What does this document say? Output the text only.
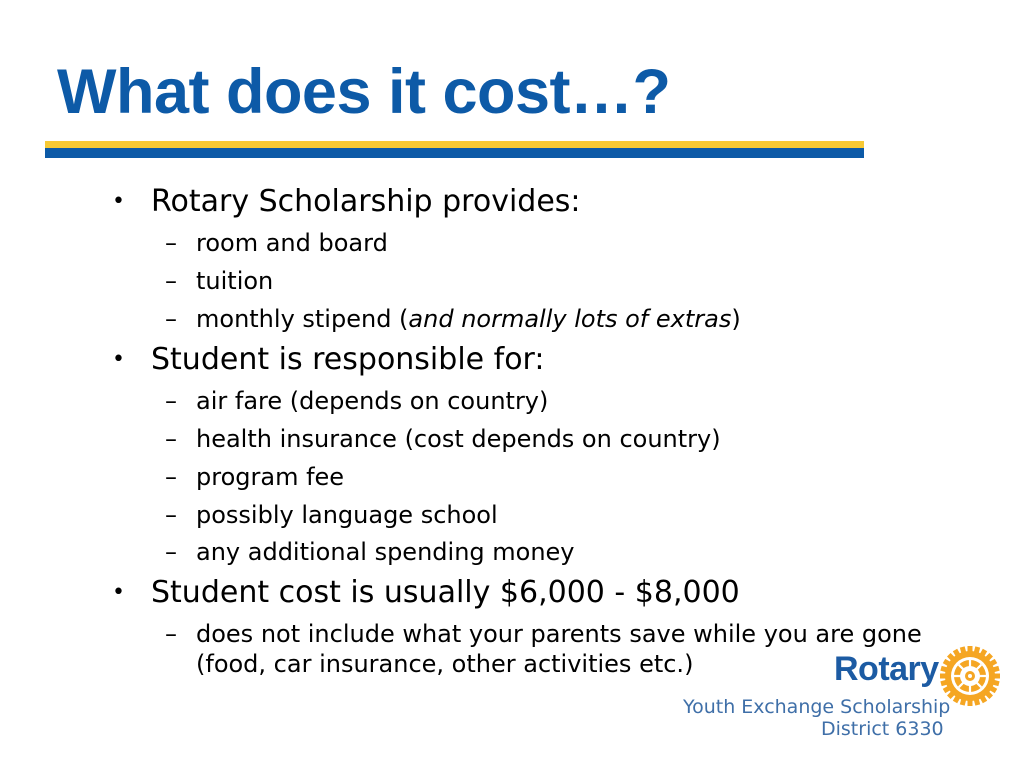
What does it cost…?
• Rotary Scholarship provides:
– room and board
– tuition
– monthly stipend (and normally lots of extras)
• Student is responsible for:
– air fare (depends on country)
– health insurance (cost depends on country)
– program fee
– possibly language school
– any additional spending money
• Student cost is usually $6,000 - $8,000
– does not include what your parents save while you are gone
(food, car insurance, other activities etc.)	Rotary
Youth Exchange Scholarship
District 6330
